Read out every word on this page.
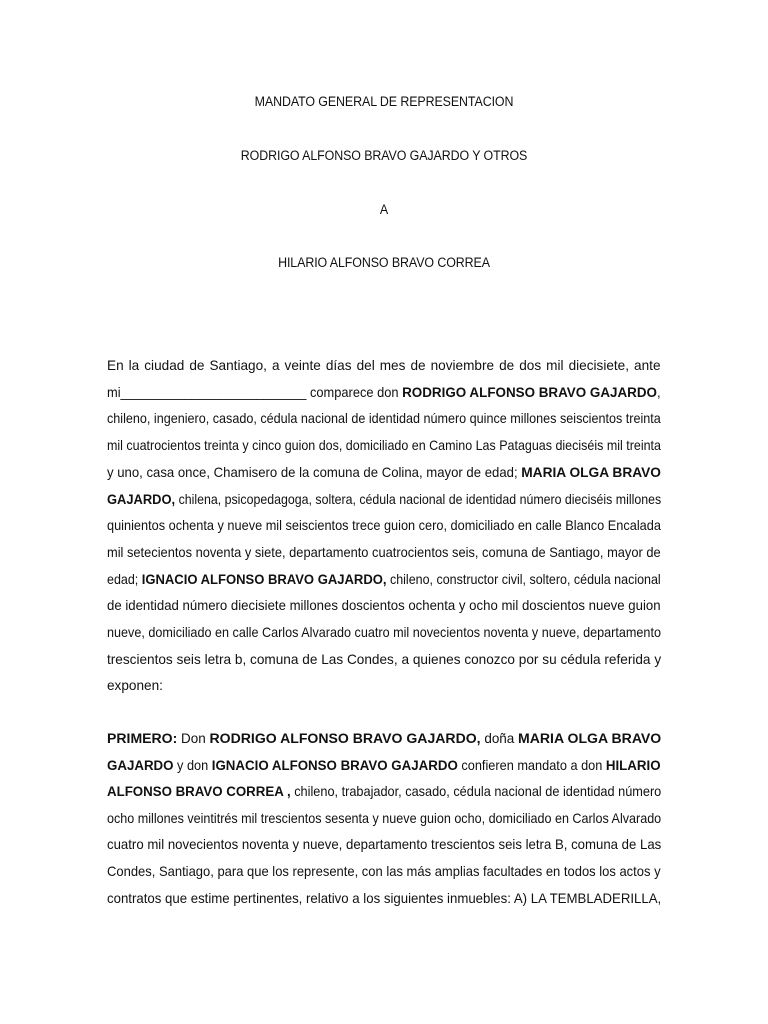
MANDATO GENERAL DE REPRESENTACION
RODRIGO ALFONSO BRAVO GAJARDO Y OTROS
A
HILARIO ALFONSO BRAVO CORREA
En la ciudad de Santiago, a veinte días del mes de noviembre de dos mil diecisiete, ante
mi__________________________ comparece don RODRIGO ALFONSO BRAVO GAJARDO,
chileno, ingeniero, casado, cédula nacional de identidad número quince millones seiscientos treinta
mil cuatrocientos treinta y cinco guion dos, domiciliado en Camino Las Pataguas dieciséis mil treinta
y uno, casa once, Chamisero de la comuna de Colina, mayor de edad; MARIA OLGA BRAVO
GAJARDO, chilena, psicopedagoga, soltera, cédula nacional de identidad número dieciséis millones
quinientos ochenta y nueve mil seiscientos trece guion cero, domiciliado en calle Blanco Encalada
mil setecientos noventa y siete, departamento cuatrocientos seis, comuna de Santiago, mayor de
edad; IGNACIO ALFONSO BRAVO GAJARDO, chileno, constructor civil, soltero, cédula nacional
de identidad número diecisiete millones doscientos ochenta y ocho mil doscientos nueve guion
nueve, domiciliado en calle Carlos Alvarado cuatro mil novecientos noventa y nueve, departamento
trescientos seis letra b, comuna de Las Condes, a quienes conozco por su cédula referida y
exponen:
PRIMERO: Don RODRIGO ALFONSO BRAVO GAJARDO, doña MARIA OLGA BRAVO
GAJARDO y don IGNACIO ALFONSO BRAVO GAJARDO confieren mandato a don HILARIO
ALFONSO BRAVO CORREA , chileno, trabajador, casado, cédula nacional de identidad número
ocho millones veintitrés mil trescientos sesenta y nueve guion ocho, domiciliado en Carlos Alvarado
cuatro mil novecientos noventa y nueve, departamento trescientos seis letra B, comuna de Las
Condes, Santiago, para que los represente, con las más amplias facultades en todos los actos y
contratos que estime pertinentes, relativo a los siguientes inmuebles: A) LA TEMBLADERILLA,
